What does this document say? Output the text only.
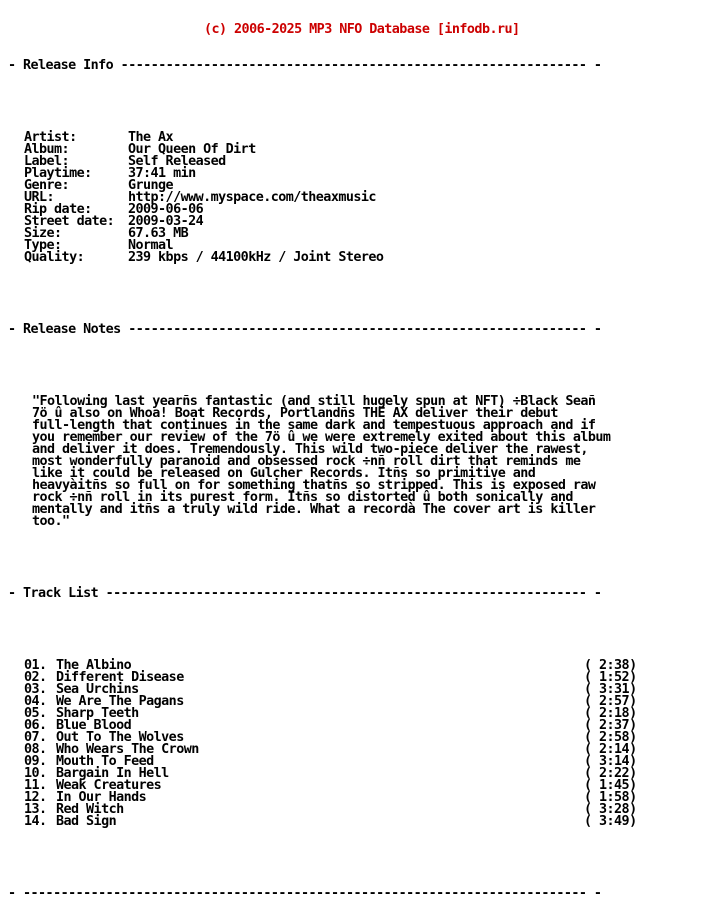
(c) 2006-2025 MP3 NFO Database [infodb.ru]

- Release Info -------------------------------------------------------------- -

Artist:	The Ax
Album:	Our Queen Of Dirt
Label:	Self Released
Playtime:	37:41 min
Genre:	Grunge
URL:	http://www.myspace.com/theaxmusic
Rip date:	2009-06-06
Street date: 2009-03-24
Size:	67.63 MB
Type:	Normal
Quality:	239 kbps / 44100kHz / Joint Stereo

- Release Notes ------------------------------------------------------------- -

"Following last yearñs fantastic (and still hugely spun at NFT) ÷Black Seañ
7ö û also on Whoa! Boat Records, Portlandñs THE AX deliver their debut
full-length that continues in the same dark and tempestuous approach and if
you remember our review of the 7ö û we were extremely exited about this album
and deliver it does. Tremendously. This wild two-piece deliver the rawest,
most wonderfully paranoid and obsessed rock ÷nñ roll dirt that reminds me
like it could be released on Gulcher Records. Itñs so primitive and
heavyàitñs so full on for something thatñs so stripped. This is exposed raw
rock ÷nñ roll in its purest form. Itñs so distorted û both sonically and
mentally and itñs a truly wild ride. What a recordà The cover art is killer
too."

- Track List ---------------------------------------------------------------- -

01. The Albino	( 2:38)
02. Different Disease	( 1:52)
03. Sea Urchins	( 3:31)
04. We Are The Pagans	( 2:57)
05. Sharp Teeth	( 2:18)
06. Blue Blood	( 2:37)
07. Out To The Wolves	( 2:58)
08. Who Wears The Crown	( 2:14)
09. Mouth To Feed	( 3:14)
10. Bargain In Hell	( 2:22)
11. Weak Creatures	( 1:45)
12. In Our Hands	( 1:58)
13. Red Witch	( 3:28)
14. Bad Sign	( 3:49)

- --------------------------------------------------------------------------- -
